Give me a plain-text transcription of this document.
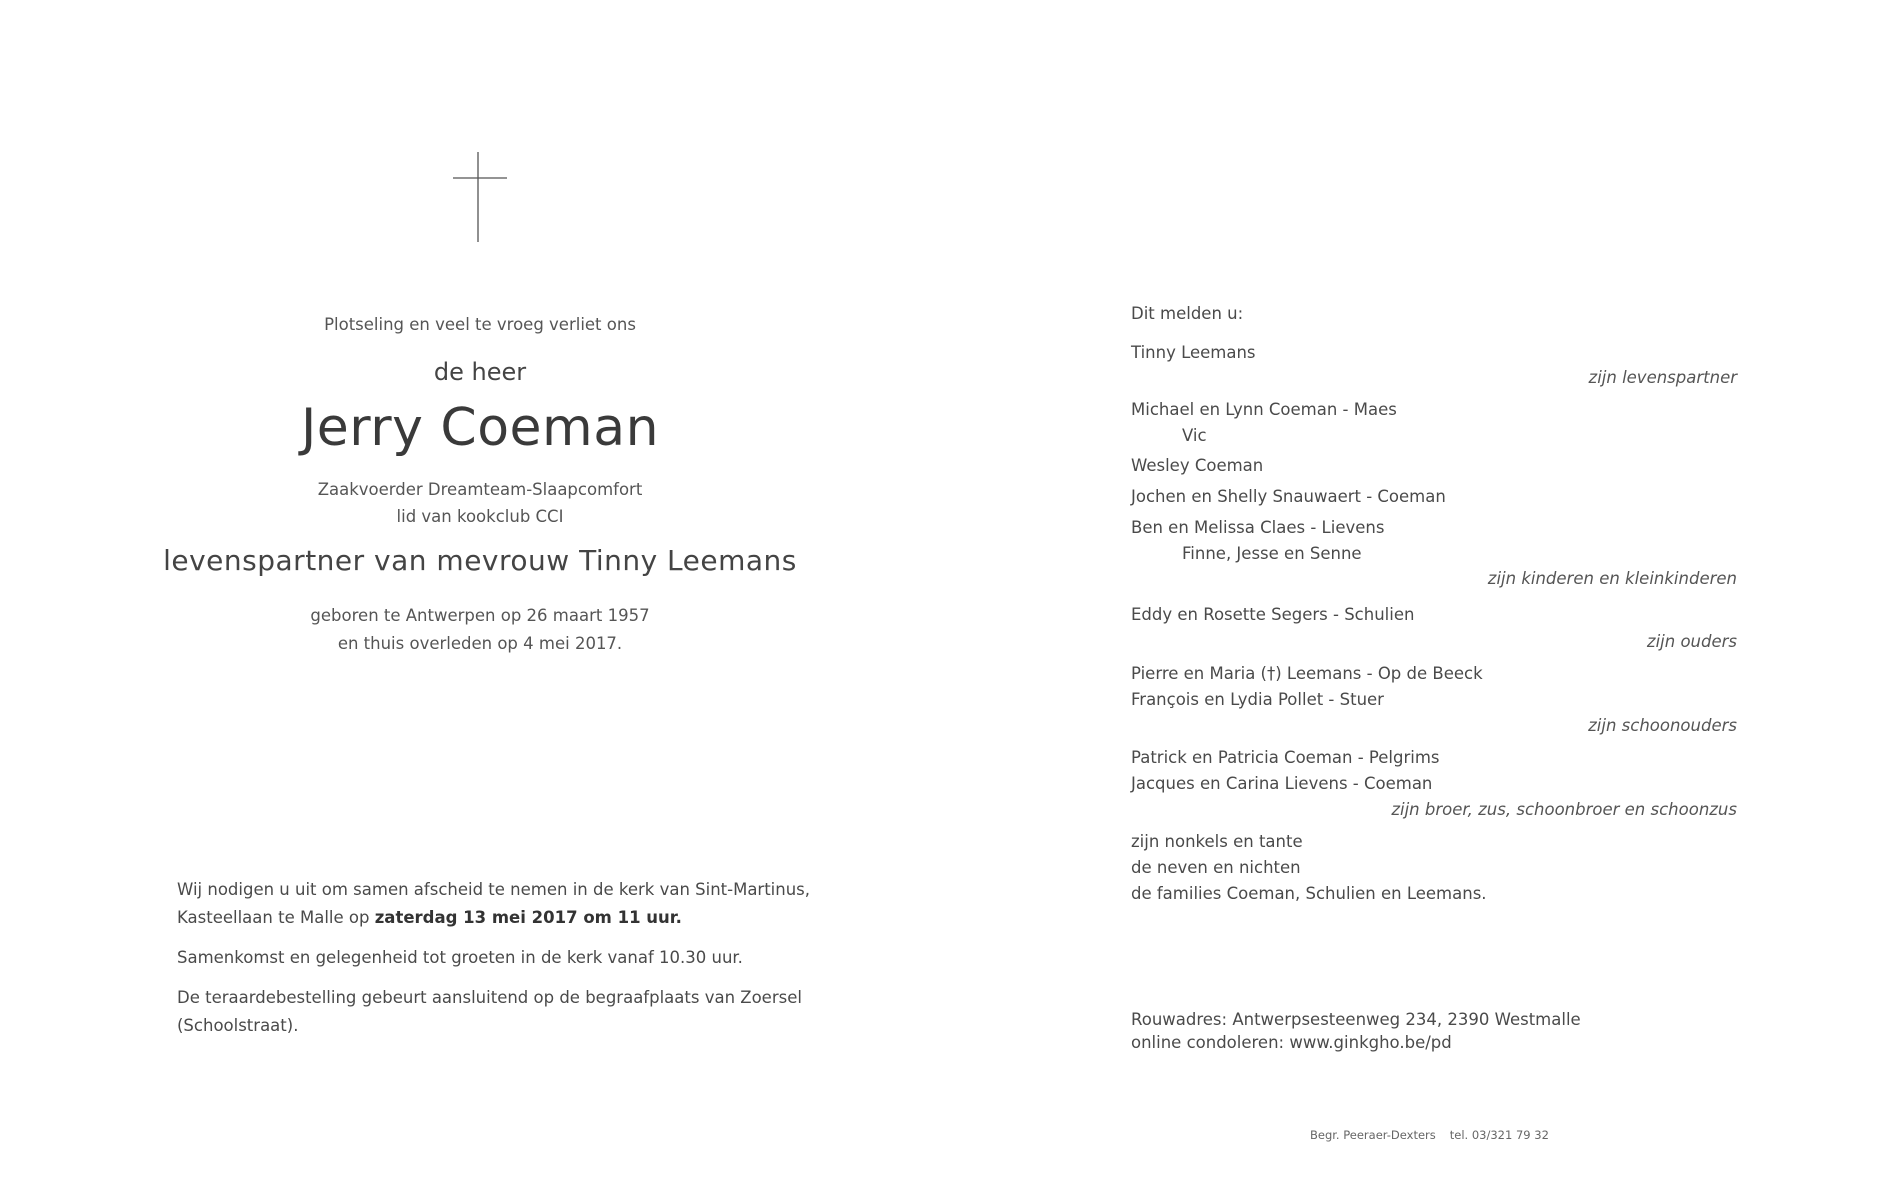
Plotseling en veel te vroeg verliet ons
de heer
Jerry Coeman
Zaakvoerder Dreamteam-Slaapcomfort
lid van kookclub CCI
levenspartner van mevrouw Tinny Leemans
geboren te Antwerpen op 26 maart 1957
en thuis overleden op 4 mei 2017.
Wij nodigen u uit om samen afscheid te nemen in de kerk van Sint-Martinus,
Kasteellaan te Malle op zaterdag 13 mei 2017 om 11 uur.
Samenkomst en gelegenheid tot groeten in de kerk vanaf 10.30 uur.
De teraardebestelling gebeurt aansluitend op de begraafplaats van Zoersel
(Schoolstraat).
Dit melden u:
Tinny Leemans
zijn levenspartner
Michael en Lynn Coeman - Maes
Vic
Wesley Coeman
Jochen en Shelly Snauwaert - Coeman
Ben en Melissa Claes - Lievens
Finne, Jesse en Senne
zijn kinderen en kleinkinderen
Eddy en Rosette Segers - Schulien
zijn ouders
Pierre en Maria (†) Leemans - Op de Beeck
François en Lydia Pollet - Stuer
zijn schoonouders
Patrick en Patricia Coeman - Pelgrims
Jacques en Carina Lievens - Coeman
zijn broer, zus, schoonbroer en schoonzus
zijn nonkels en tante
de neven en nichten
de families Coeman, Schulien en Leemans.
Rouwadres: Antwerpsesteenweg 234, 2390 Westmalle
online condoleren: www.ginkgho.be/pd
Begr. Peeraer-Dexters tel. 03/321 79 32
